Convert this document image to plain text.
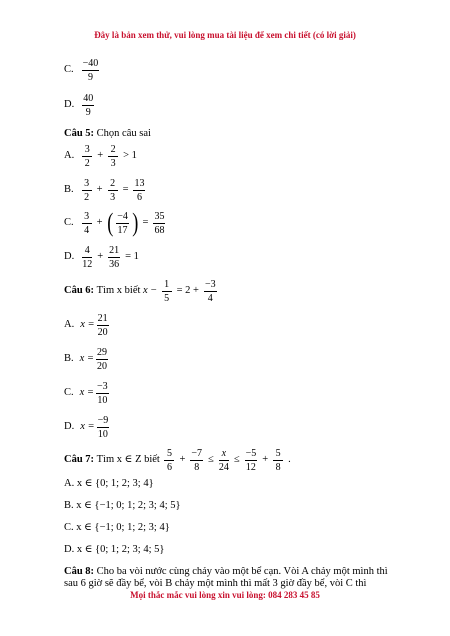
Đây là bản xem thử, vui lòng mua tài liệu để xem chi tiết (có lời giải)
C. $\frac{-40}{9}$
D. $\frac{40}{9}$
Câu 5:
Chọn câu sai
A. $\frac{3}{2} + \frac{2}{3} > 1$
B. $\frac{3}{2} + \frac{2}{3} = \frac{13}{6}$
C. $\frac{3}{4}$ + ( $\frac{-4}{17}$ ) = $\frac{35}{68}$
D. $\frac{4}{12} + \frac{21}{36} = 1$
Câu 6:
Tìm x biết
$x - \frac{1}{5} = 2 + \frac{-3}{4}$
A. $x = \frac{21}{20}$
B. $x = \frac{29}{20}$
C. $x = \frac{-3}{10}$
D. $x = \frac{-9}{10}$
Câu 7:
Tìm x ∈ Z biết
$\frac{5}{6} + \frac{-7}{8} \le \frac{x}{24} \le \frac{-5}{12} + \frac{5}{8}$ .
A. x ∈ {0; 1; 2; 3; 4}
B. x ∈ {−1; 0; 1; 2; 3; 4; 5}
C. x ∈ {−1; 0; 1; 2; 3; 4}
D. x ∈ {0; 1; 2; 3; 4; 5}
Câu 8:
Cho ba vòi nước cùng chảy vào một bể cạn. Vòi A chảy một mình thì
sau 6 giờ sẽ đầy bể, vòi B chảy một mình thì mất 3 giờ đầy bể, vòi C thì
Mọi thắc mắc vui lòng xin vui lòng: 084 283 45 85
